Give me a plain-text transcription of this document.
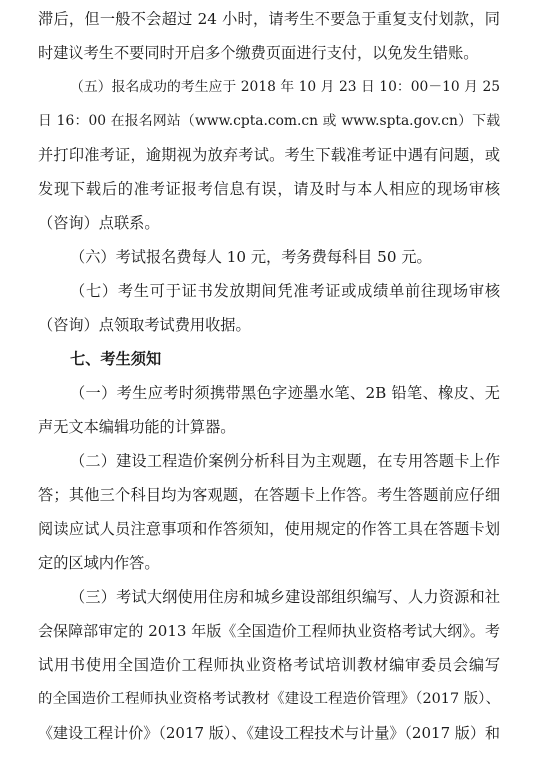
滞后，但一般不会超过 24 小时，请考生不要急于重复支付划款，同
时建议考生不要同时开启多个缴费页面进行支付，以免发生错账。
（五）报名成功的考生应于 2018 年 10 月 23 日 10：00－10 月 25
日 16：00 在报名网站（www.cpta.com.cn 或 www.spta.gov.cn）下载
并打印准考证，逾期视为放弃考试。考生下载准考证中遇有问题，或
发现下载后的准考证报考信息有误，请及时与本人相应的现场审核
（咨询）点联系。
（六）考试报名费每人 10 元，考务费每科目 50 元。
（七）考生可于证书发放期间凭准考证或成绩单前往现场审核
（咨询）点领取考试费用收据。
七、考生须知
（一）考生应考时须携带黑色字迹墨水笔、2B 铅笔、橡皮、无
声无文本编辑功能的计算器。
（二）建设工程造价案例分析科目为主观题，在专用答题卡上作
答；其他三个科目均为客观题，在答题卡上作答。考生答题前应仔细
阅读应试人员注意事项和作答须知，使用规定的作答工具在答题卡划
定的区域内作答。
（三）考试大纲使用住房和城乡建设部组织编写、人力资源和社
会保障部审定的 2013 年版《全国造价工程师执业资格考试大纲》。考
试用书使用全国造价工程师执业资格考试培训教材编审委员会编写
的全国造价工程师执业资格考试教材《建设工程造价管理》（2017 版）、
《建设工程计价》（2017 版）、《建设工程技术与计量》（2017 版）和
